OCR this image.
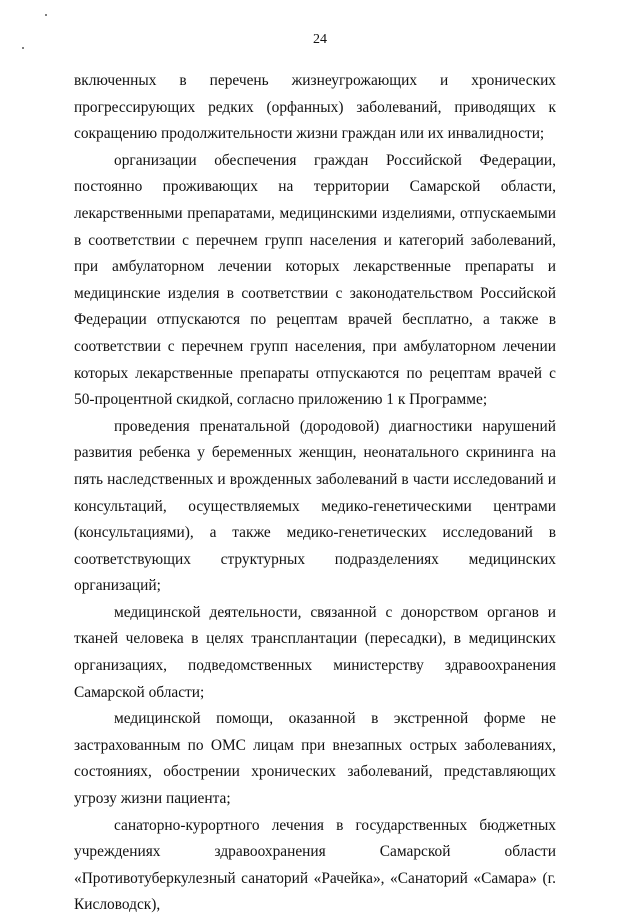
24

включенных в перечень жизнеугрожающих и хронических прогрессирующих редких (орфанных) заболеваний, приводящих к сокращению продолжительности жизни граждан или их инвалидности;

организации обеспечения граждан Российской Федерации, постоянно проживающих на территории Самарской области, лекарственными препаратами, медицинскими изделиями, отпускаемыми в соответствии с перечнем групп населения и категорий заболеваний, при амбулаторном лечении которых лекарственные препараты и медицинские изделия в соответствии с законодательством Российской Федерации отпускаются по рецептам врачей бесплатно, а также в соответствии с перечнем групп населения, при амбулаторном лечении которых лекарственные препараты отпускаются по рецептам врачей с 50-процентной скидкой, согласно приложению 1 к Программе;

проведения пренатальной (дородовой) диагностики нарушений развития ребенка у беременных женщин, неонатального скрининга на пять наследственных и врожденных заболеваний в части исследований и консультаций, осуществляемых медико-генетическими центрами (консультациями), а также медико-генетических исследований в соответствующих структурных подразделениях медицинских организаций;

медицинской деятельности, связанной с донорством органов и тканей человека в целях трансплантации (пересадки), в медицинских организациях, подведомственных министерству здравоохранения Самарской области;

медицинской помощи, оказанной в экстренной форме не застрахованным по ОМС лицам при внезапных острых заболеваниях, состояниях, обострении хронических заболеваний, представляющих угрозу жизни пациента;

санаторно-курортного лечения в государственных бюджетных учреждениях здравоохранения Самарской области «Противотуберкулезный санаторий «Рачейка», «Санаторий «Самара» (г. Кисловодск),
